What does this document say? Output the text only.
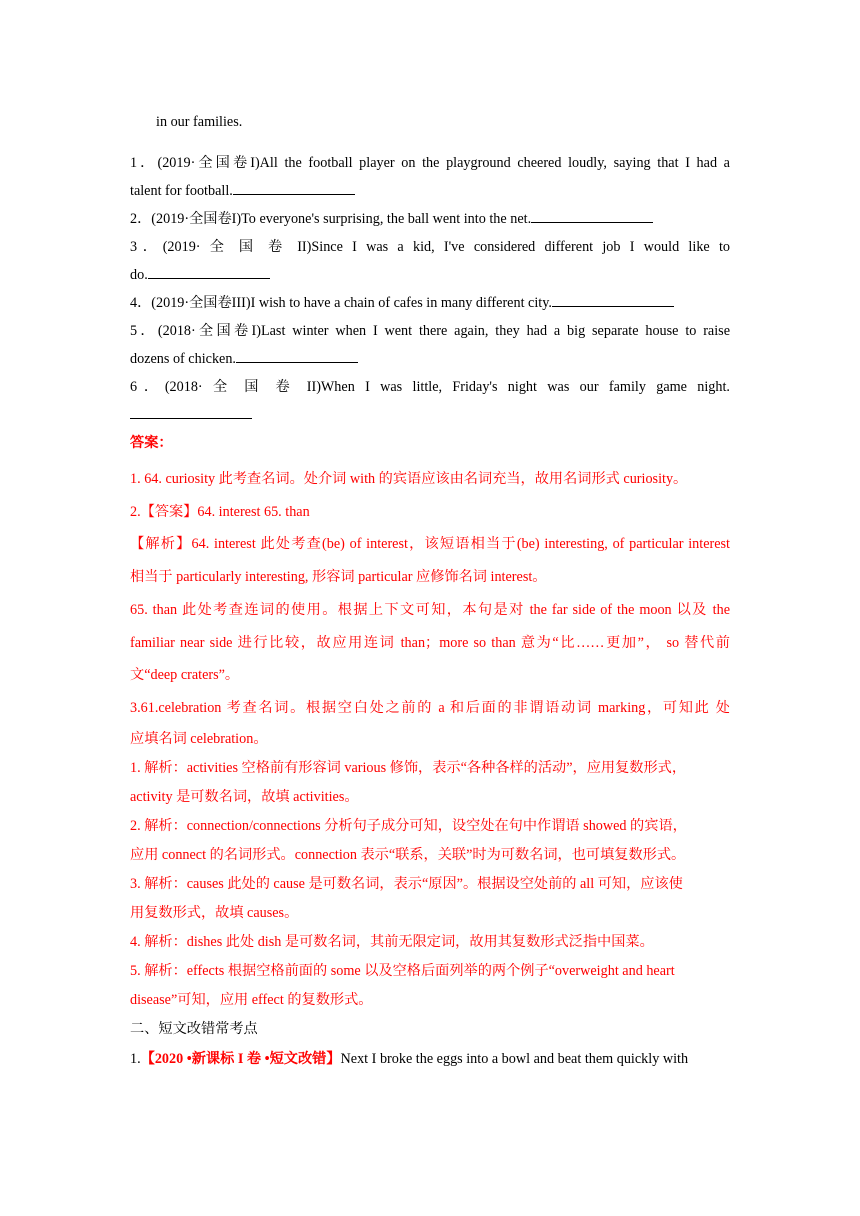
in our families.

1．(2019·全国卷I)All the football player on the playground cheered loudly, saying that I had a

talent for football.

2．(2019·全国卷I)To everyone's surprising, the ball went into the net.

3．(2019· 全 国 卷 II)Since I was a kid, I've considered different job I would like to

do.

4．(2019·全国卷III)I wish to have a chain of cafes in many different city.

5．(2018·全国卷I)Last winter when I went there again, they had a big separate house to raise

dozens of chicken.

6．(2018· 全 国 卷 II)When I was little, Friday's night was our family game night.

答案：

1. 64. curiosity 此考查名词。处介词 with 的宾语应该由名词充当，故用名词形式 curiosity。

2.【答案】64. interest 65. than

【解析】64. interest 此处考查(be) of interest，该短语相当于(be) interesting, of particular interest

相当于 particularly interesting, 形容词 particular 应修饰名词 interest。

65. than 此处考查连词的使用。根据上下文可知，本句是对 the far side of the moon 以及 the

familiar near side 进行比较，故应用连词 than；more so than 意为“比……更加”， so 替代前

文“deep craters”。

3.61.celebration 考查名词。根据空白处之前的 a 和后面的非谓语动词 marking，可知此 处

应填名词 celebration。

1. 解析：activities 空格前有形容词 various 修饰，表示“各种各样的活动”，应用复数形式，

activity 是可数名词，故填 activities。

2. 解析：connection/connections 分析句子成分可知，设空处在句中作谓语 showed 的宾语，

应用 connect 的名词形式。connection 表示“联系，关联”时为可数名词，也可填复数形式。

3. 解析：causes 此处的 cause 是可数名词，表示“原因”。根据设空处前的 all 可知，应该使

用复数形式，故填 causes。

4. 解析：dishes 此处 dish 是可数名词，其前无限定词，故用其复数形式泛指中国菜。

5. 解析：effects 根据空格前面的 some 以及空格后面列举的两个例子“overweight and heart

disease”可知，应用 effect 的复数形式。

二、短文改错常考点

1.【2020 •新课标 I 卷 •短文改错】Next I broke the eggs into a bowl and beat them quickly with
